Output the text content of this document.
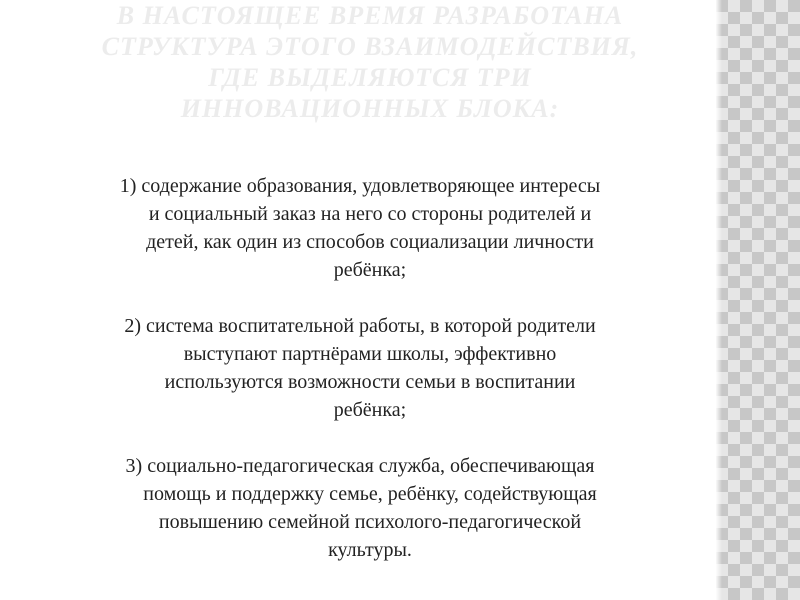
В НАСТОЯЩЕЕ ВРЕМЯ РАЗРАБОТАНА
СТРУКТУРА ЭТОГО ВЗАИМОДЕЙСТВИЯ,
ГДЕ ВЫДЕЛЯЮТСЯ ТРИ
ИННОВАЦИОННЫХ БЛОКА:
1) содержание образования, удовлетворяющее интересы
и социальный заказ на него со стороны родителей и
детей, как один из способов социализации личности
ребёнка;
2) система воспитательной работы, в которой родители
выступают партнёрами школы, эффективно
используются возможности семьи в воспитании
ребёнка;
3) социально-педагогическая служба, обеспечивающая
помощь и поддержку семье, ребёнку, содействующая
повышению семейной психолого-педагогической
культуры.
